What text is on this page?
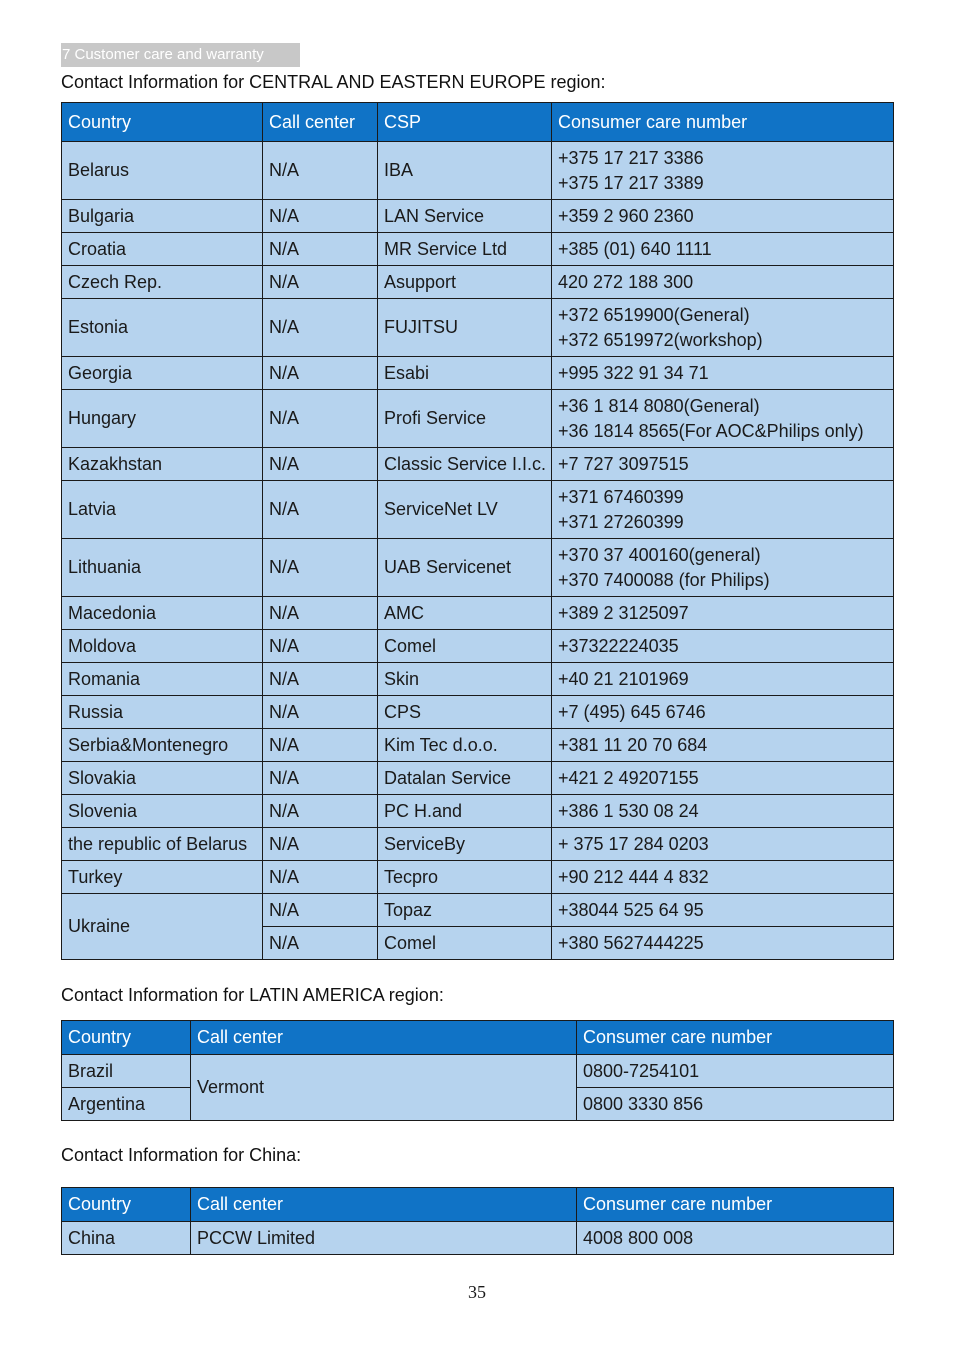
7 Customer care and warranty
Contact Information for CENTRAL AND EASTERN EUROPE region:
Country	Call center	CSP	Consumer care number
Belarus	N/A	IBA	+375 17 217 3386
+375 17 217 3389

Bulgaria	N/A	LAN Service	+359 2 960 2360
Croatia	N/A	MR Service Ltd	+385 (01) 640 1111
Czech Rep.	N/A	Asupport	420 272 188 300
Estonia	N/A	FUJITSU	+372 6519900(General)
+372 6519972(workshop)

Georgia	N/A	Esabi	+995 322 91 34 71
Hungary	N/A	Profi Service	+36 1 814 8080(General)
+36 1814 8565(For AOC&Philips only)

Kazakhstan	N/A	Classic Service I.I.c.	+7 727 3097515
Latvia	N/A	ServiceNet LV	+371 67460399
+371 27260399

Lithuania	N/A	UAB Servicenet	+370 37 400160(general)
+370 7400088 (for Philips)

Macedonia	N/A	AMC	+389 2 3125097
Moldova	N/A	Comel	+37322224035
Romania	N/A	Skin	+40 21 2101969
Russia	N/A	CPS	+7 (495) 645 6746
Serbia&Montenegro	N/A	Kim Tec d.o.o.	+381 11 20 70 684
Slovakia	N/A	Datalan Service	+421 2 49207155
Slovenia	N/A	PC H.and	+386 1 530 08 24
the republic of Belarus	N/A	ServiceBy	+ 375 17 284 0203
Turkey	N/A	Tecpro	+90 212 444 4 832
Ukraine	N/A	Topaz	+38044 525 64 95
	N/A	Comel	+380 5627444225
Contact Information for LATIN AMERICA region:
Country	Call center	Consumer care number
Brazil	Vermont	0800-7254101
Argentina		0800 3330 856
Contact Information for China:
Country	Call center	Consumer care number
China	PCCW Limited	4008 800 008
35
